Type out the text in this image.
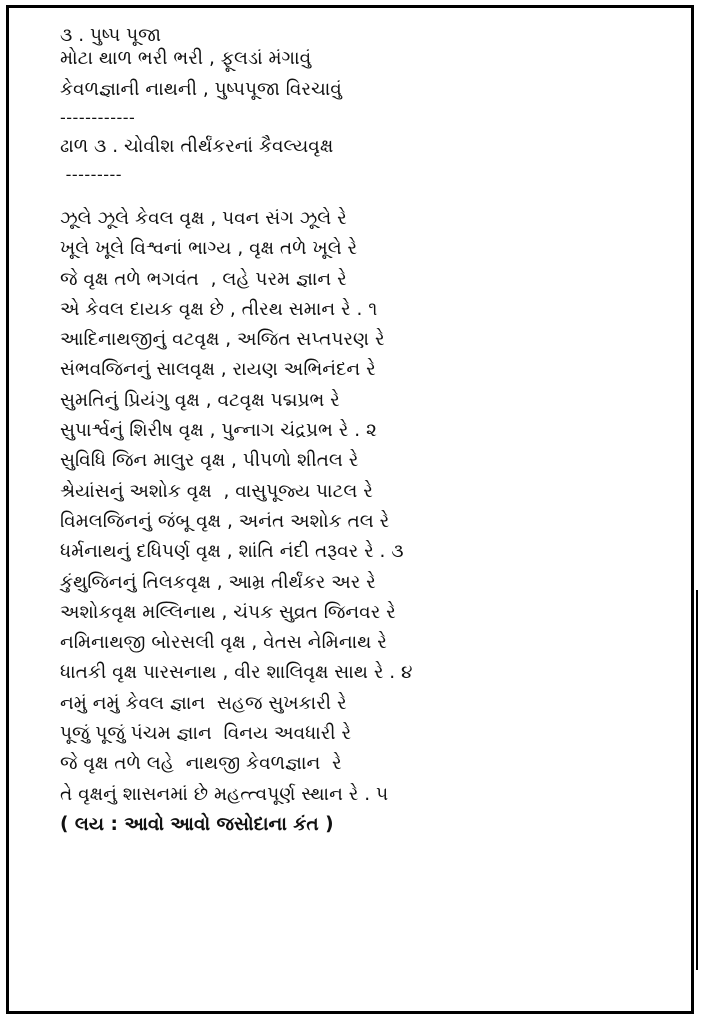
૩ . પુષ્પ પૂજા
મોટા થાળ ભરી ભરી , ફૂલડાં મંગાવું
કેવળજ્ઞાની નાથની , પુષ્પપૂજા વિરચાવું
------------
ઢાળ ૩ . ચોવીશ તીર્થંકરનાં કૈવલ્યવૃક્ષ
---------
ઝૂલે ઝૂલે કેવલ વૃક્ષ , પવન સંગ ઝૂલે રે
ખૂલે ખૂલે વિશ્વનાં ભાગ્ય , વૃક્ષ તળે ખૂલે રે
જે વૃક્ષ તળે ભગવંત  , લહે પરમ જ્ઞાન રે
એ કેવલ દાયક વૃક્ષ છે , તીરથ સમાન રે . ૧
આદિનાથજીનું વટવૃક્ષ , અજિત સપ્તપરણ રે
સંભવજિનનું સાલવૃક્ષ , રાયણ અભિનંદન રે
સુમતિનું પ્રિયંગુ વૃક્ષ , વટવૃક્ષ પદ્મપ્રભ રે
સુપાર્શ્વનું શિરીષ વૃક્ષ , પુન્નાગ ચંદ્રપ્રભ રે . ૨
સુવિધિ જિન માલુર વૃક્ષ , પીપળો શીતલ રે
શ્રેયાંસનું અશોક વૃક્ષ  , વાસુપૂજ્ય પાટલ રે
વિમલજિનનું જંબૂ વૃક્ષ , અનંત અશોક તલ રે
ધર્મનાથનું દધિપર્ણ વૃક્ષ , શાંતિ નંદી તરૂવર રે . ૩
કુંથુજિનનું તિલકવૃક્ષ , આમ્ર તીર્થંકર અર રે
અશોકવૃક્ષ મલ્લિનાથ , ચંપક સુવ્રત જિનવર રે
નમિનાથજી બોરસલી વૃક્ષ , વેતસ નેમિનાથ રે
ધાતકી વૃક્ષ પારસનાથ , વીર શાલિવૃક્ષ સાથ રે . ૪
નમું નમું કેવલ જ્ઞાન  સહજ સુખકારી રે
પૂજું પૂજું પંચમ જ્ઞાન  વિનય અવધારી રે
જે વૃક્ષ તળે લહે  નાથજી કેવળજ્ઞાન  રે
તે વૃક્ષનું શાસનમાં છે મહત્ત્વપૂર્ણ સ્થાન રે . ૫
( લય : આવો આવો જસોદાના કંત )
